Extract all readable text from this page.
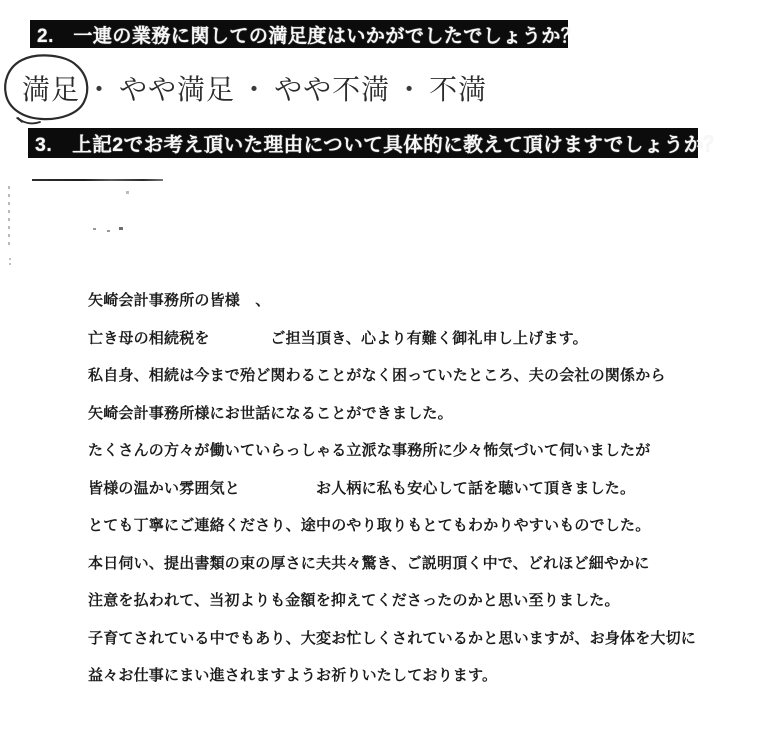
2.　一連の業務に関しての満足度はいかがでしたでしょうか？
満足 ・ やや満足 ・ やや不満 ・ 不満
3.　上記2でお考え頂いた理由について具体的に教えて頂けますでしょうか？
矢崎会計事務所の皆様　、
亡き母の相続税を　　　　ご担当頂き、心より有難く御礼申し上げます。
私自身、相続は今まで殆ど関わることがなく困っていたところ、夫の会社の関係から
矢崎会計事務所様にお世話になることができました。
たくさんの方々が働いていらっしゃる立派な事務所に少々怖気づいて伺いましたが
皆様の温かい雰囲気と　　　　　お人柄に私も安心して話を聴いて頂きました。
とても丁寧にご連絡くださり、途中のやり取りもとてもわかりやすいものでした。
本日伺い、提出書類の束の厚さに夫共々驚き、ご説明頂く中で、どれほど細やかに
注意を払われて、当初よりも金額を抑えてくださったのかと思い至りました。
子育てされている中でもあり、大変お忙しくされているかと思いますが、お身体を大切に
益々お仕事にまい進されますようお祈りいたしております。
